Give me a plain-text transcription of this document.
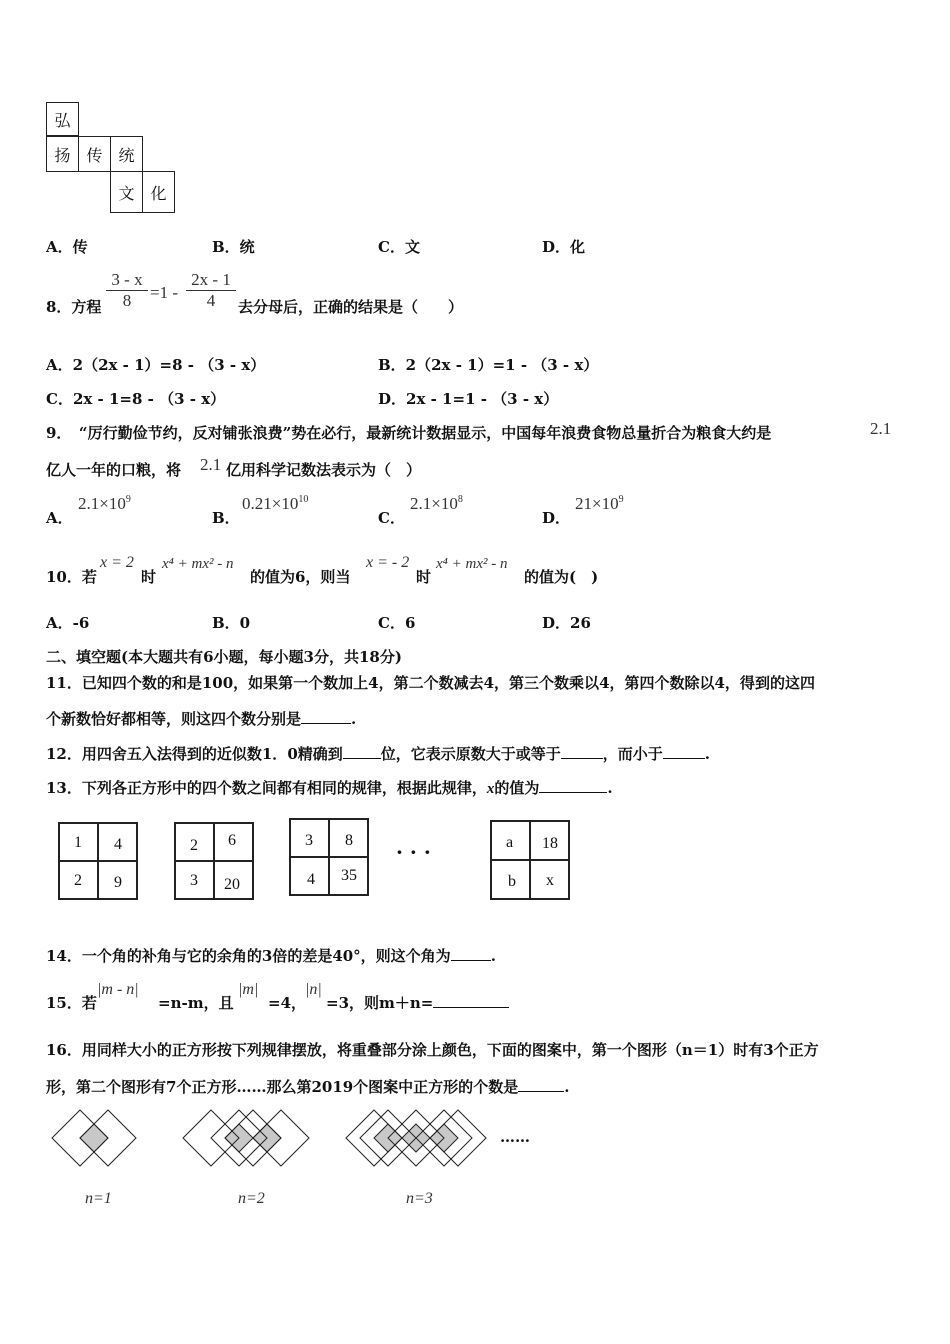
弘
扬 传 统
文 化
A．传	B．统	C．文	D．化
8．方程 $\frac{3 - x}{8} =1 - \frac{2x - 1}{4}$ 去分母后，正确的结果是（　　）
A．2（2x - 1）=8 - （3 - x）	B．2（2x - 1）=1 - （3 - x）
C．2x - 1=8 - （3 - x）	D．2x - 1=1 - （3 - x）
9．　“厉行勤俭节约，反对铺张浪费”势在必行，最新统计数据显示，中国每年浪费食物总量折合为粮食大约是	2.1
亿人一年的口粮，将 2.1 亿用科学记数法表示为（　）
A．
$2.1\times 10^9$
B．
$0.21\times 10^{10}$
C．
$2.1\times 10^8$
D．
$21\times 10^9$
10．若
x = 2
时
x⁴ + mx² - n
的值为6，则当
x = - 2
时
x⁴ + mx² - n
的值为(　)
A．-6	B．0	C．6	D．26
二、填空题(本大题共有6小题，每小题3分，共18分)
11．已知四个数的和是100，如果第一个数加上4，第二个数减去4，第三个数乘以4，第四个数除以4，得到的这四
个新数恰好都相等，则这四个数分别是	.
12．用四舍五入法得到的近似数1．0精确到	位，它表示原数大于或等于	，而小于	.
13．下列各正方形中的四个数之间都有相同的规律，根据此规律，x的值为	.
1 4
2 9
2 6
3 20
3 8
4 35
· · ·	a 18
b x
14．一个角的补角与它的余角的3倍的差是40°，则这个角为	.
15．若
|m - n|
=n-m，且
|m|
=4，
|n|
=3，则m＋n=
16．用同样大小的正方形按下列规律摆放，将重叠部分涂上颜色，下面的图案中，第一个图形（n＝1）时有3个正方
形，第二个图形有7个正方形……那么第2019个图案中正方形的个数是	.
……
n=1	n=2	n=3
